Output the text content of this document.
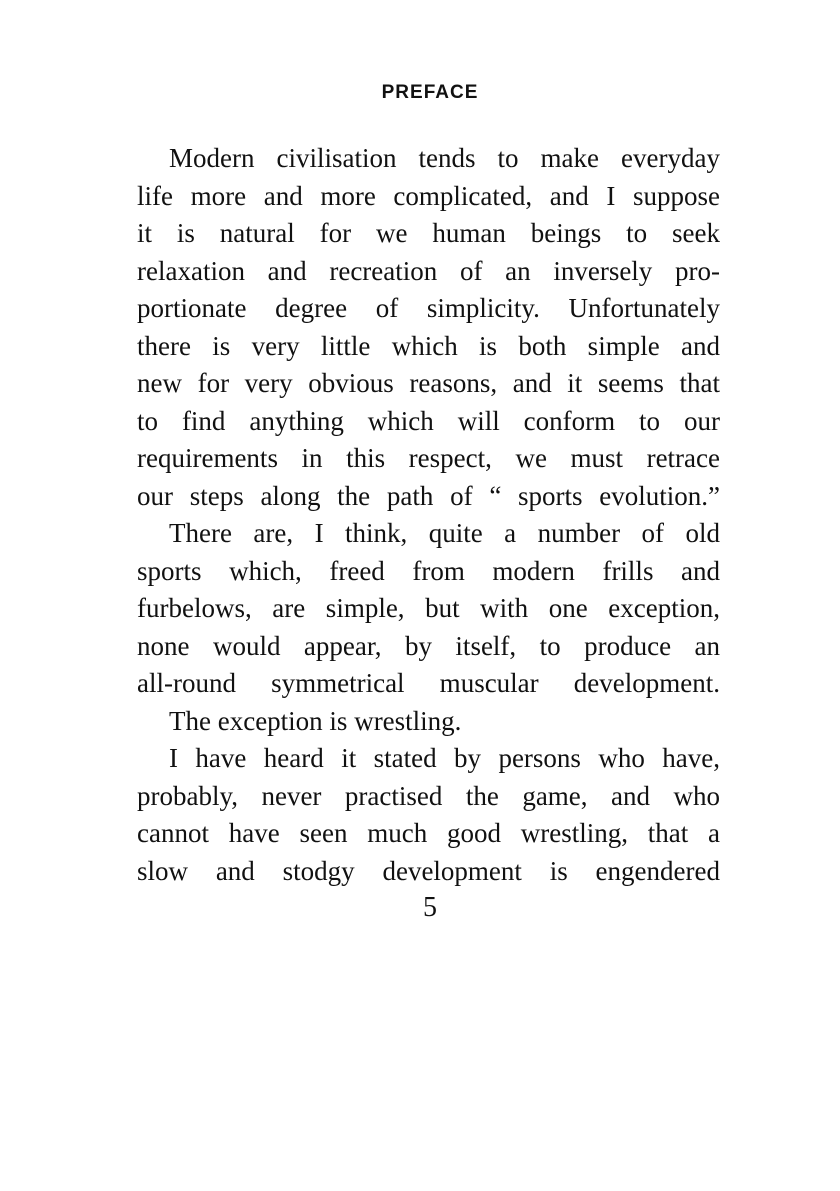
PREFACE
Modern civilisation tends to make everyday
life more and more complicated, and I suppose
it is natural for we human beings to seek
relaxation and recreation of an inversely pro-
portionate degree of simplicity. Unfortunately
there is very little which is both simple and
new for very obvious reasons, and it seems that
to find anything which will conform to our
requirements in this respect, we must retrace
our steps along the path of “ sports evolution.”
There are, I think, quite a number of old
sports which, freed from modern frills and
furbelows, are simple, but with one exception,
none would appear, by itself, to produce an
all-round symmetrical muscular development.
The exception is wrestling.
I have heard it stated by persons who have,
probably, never practised the game, and who
cannot have seen much good wrestling, that a
slow and stodgy development is engendered
5
